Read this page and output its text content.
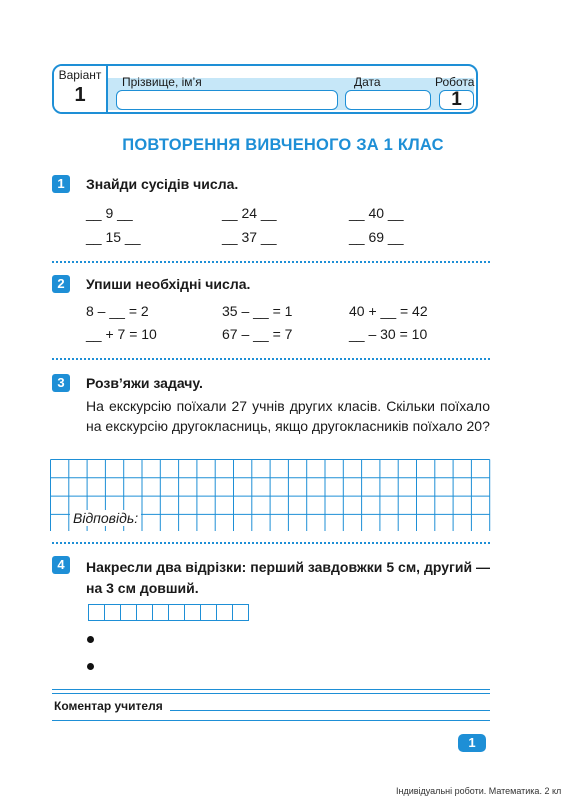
Варіант
1
Прізвище, ім’я	Дата	Робота
1
ПОВТОРЕННЯ ВИВЧЕНОГО ЗА 1 КЛАС
1	Знайди сусідів числа.
__ 9 __	__ 24 __	__ 40 __
__ 15 __	__ 37 __	__ 69 __
2	Упиши необхідні числа.
8 – __ = 2	35 – __ = 1	40 + __ = 42
__ + 7 = 10	67 – __ = 7	__ – 30 = 10
3	Розв’яжи задачу.
На екскурсію поїхали 27 учнів других класів. Скільки поїхало на екскурсію другокласниць, якщо другокласників поїхало 20?
Відповідь:
4	Накресли два відрізки: перший завдовжки 5 см, другий — на 3 см довший.
Коментар учителя
1
Індивідуальні роботи. Математика. 2 кл
